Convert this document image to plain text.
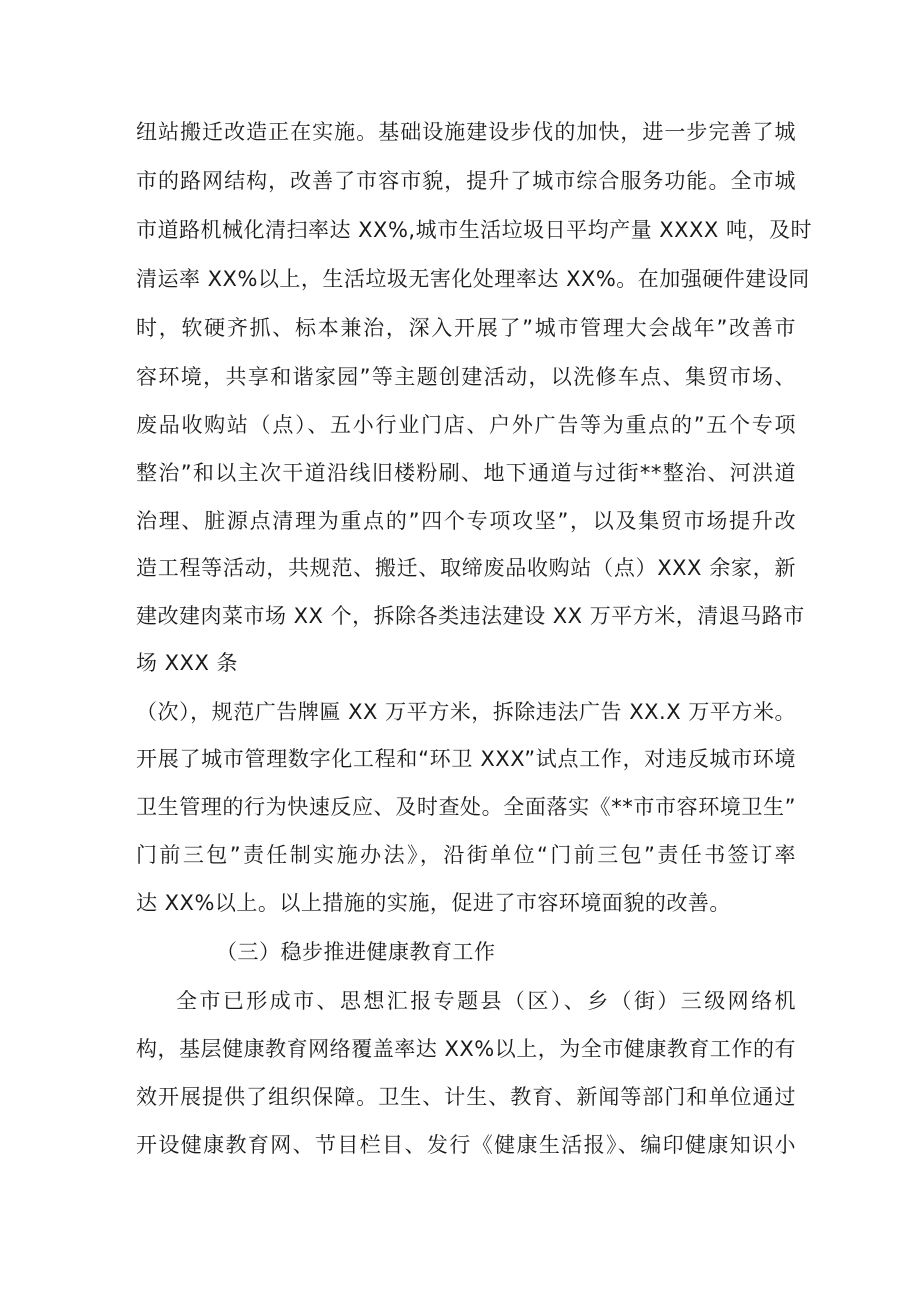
纽站搬迁改造正在实施。基础设施建设步伐的加快，进一步完善了城
市的路网结构，改善了市容市貌，提升了城市综合服务功能。全市城
市道路机械化清扫率达 XX%,城市生活垃圾日平均产量 XXXX 吨，及时
清运率 XX%以上，生活垃圾无害化处理率达 XX%。在加强硬件建设同
时，软硬齐抓、标本兼治，深入开展了”城市管理大会战年”改善市
容环境，共享和谐家园”等主题创建活动，以洗修车点、集贸市场、
废品收购站（点）、五小行业门店、户外广告等为重点的”五个专项
整治”和以主次干道沿线旧楼粉刷、地下通道与过街**整治、河洪道
治理、脏源点清理为重点的”四个专项攻坚”，以及集贸市场提升改
造工程等活动，共规范、搬迁、取缔废品收购站（点）XXX 余家，新
建改建肉菜市场 XX 个，拆除各类违法建设 XX 万平方米，清退马路市
场 XXX 条
（次），规范广告牌匾 XX 万平方米，拆除违法广告 XX.X 万平方米。
开展了城市管理数字化工程和“环卫 XXX”试点工作，对违反城市环境
卫生管理的行为快速反应、及时查处。全面落实《**市市容环境卫生”
门前三包”责任制实施办法》，沿街单位“门前三包”责任书签订率
达 XX%以上。以上措施的实施，促进了市容环境面貌的改善。
（三）稳步推进健康教育工作
全市已形成市、思想汇报专题县（区）、乡（街）三级网络机
构，基层健康教育网络覆盖率达 XX%以上，为全市健康教育工作的有
效开展提供了组织保障。卫生、计生、教育、新闻等部门和单位通过
开设健康教育网、节目栏目、发行《健康生活报》、编印健康知识小
